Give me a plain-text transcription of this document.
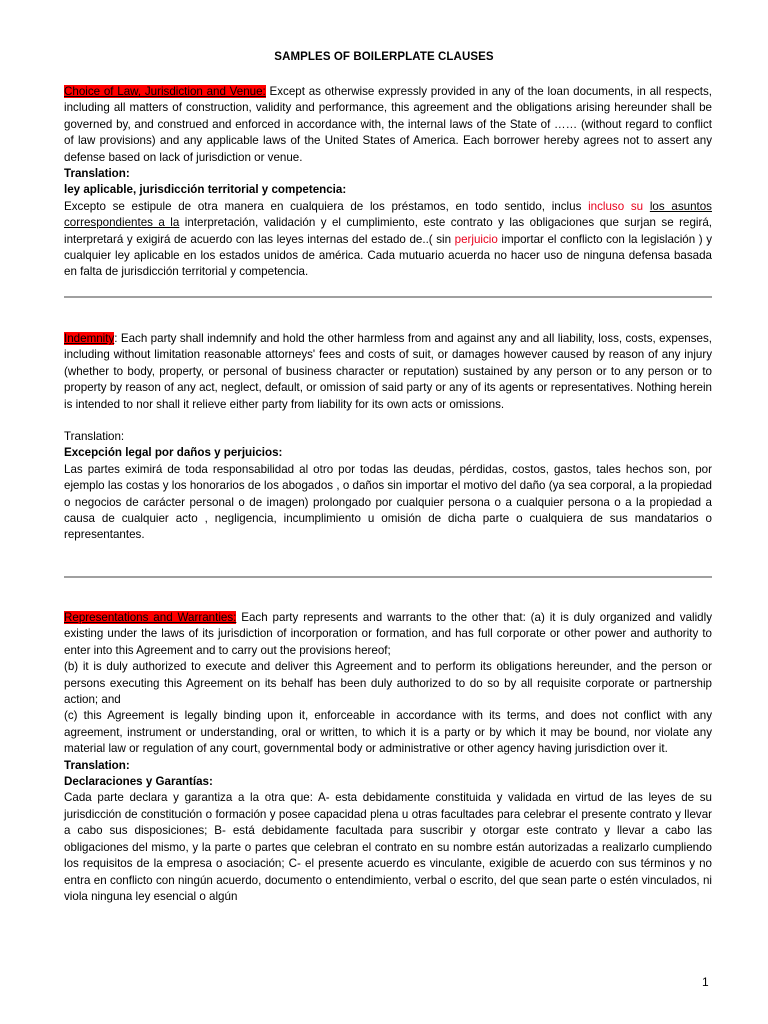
SAMPLES OF BOILERPLATE CLAUSES

Choice of Law, Jurisdiction and Venue: Except as otherwise expressly provided in any of the loan documents, in all respects, including all matters of construction, validity and performance, this agreement and the obligations arising hereunder shall be governed by, and construed and enforced in accordance with, the internal laws of the State of …… (without regard to conflict of law provisions) and any applicable laws of the United States of America. Each borrower hereby agrees not to assert any defense based on lack of jurisdiction or venue.

Translation:

ley aplicable, jurisdicción territorial y competencia:

Excepto se estipule de otra manera en cualquiera de los préstamos, en todo sentido, inclus incluso su los asuntos correspondientes a la interpretación, validación y el cumplimiento, este contrato y las obligaciones que surjan se regirá, interpretará y exigirá de acuerdo con las leyes internas del estado de..( sin perjuicio importar el conflicto con la legislación ) y cualquier ley aplicable en los estados unidos de américa. Cada mutuario acuerda no hacer uso de ninguna defensa basada en falta de jurisdicción territorial y competencia.

Indemnity: Each party shall indemnify and hold the other harmless from and against any and all liability, loss, costs, expenses, including without limitation reasonable attorneys' fees and costs of suit, or damages however caused by reason of any injury (whether to body, property, or personal of business character or reputation) sustained by any person or to any person or to property by reason of any act, neglect, default, or omission of said party or any of its agents or representatives. Nothing herein is intended to nor shall it relieve either party from liability for its own acts or omissions.

Translation:

Excepción legal por daños y perjuicios:

Las partes eximirá de toda responsabilidad al otro por todas las deudas, pérdidas, costos, gastos, tales hechos son, por ejemplo las costas y los honorarios de los abogados , o daños sin importar el motivo del daño (ya sea corporal, a la propiedad o negocios de carácter personal o de imagen) prolongado por cualquier persona o a cualquier persona o a la propiedad a causa de cualquier acto , negligencia, incumplimiento u omisión de dicha parte o cualquiera de sus mandatarios o representantes.

Representations and Warranties: Each party represents and warrants to the other that: (a) it is duly organized and validly existing under the laws of its jurisdiction of incorporation or formation, and has full corporate or other power and authority to enter into this Agreement and to carry out the provisions hereof;

(b) it is duly authorized to execute and deliver this Agreement and to perform its obligations hereunder, and the person or persons executing this Agreement on its behalf has been duly authorized to do so by all requisite corporate or partnership action; and

(c) this Agreement is legally binding upon it, enforceable in accordance with its terms, and does not conflict with any agreement, instrument or understanding, oral or written, to which it is a party or by which it may be bound, nor violate any material law or regulation of any court, governmental body or administrative or other agency having jurisdiction over it.

Translation:

Declaraciones y Garantías:

Cada parte declara y garantiza a la otra que: A- esta debidamente constituida y validada en virtud de las leyes de su jurisdicción de constitución o formación y posee capacidad plena u otras facultades para celebrar el presente contrato y llevar a cabo sus disposiciones; B- está debidamente facultada para suscribir y otorgar este contrato y llevar a cabo las obligaciones del mismo, y la parte o partes que celebran el contrato en su nombre están autorizadas a realizarlo cumpliendo los requisitos de la empresa o asociación; C- el presente acuerdo es vinculante, exigible de acuerdo con sus términos y no entra en conflicto con ningún acuerdo, documento o entendimiento, verbal o escrito, del que sean parte o estén vinculados, ni viola ninguna ley esencial o algún

1
